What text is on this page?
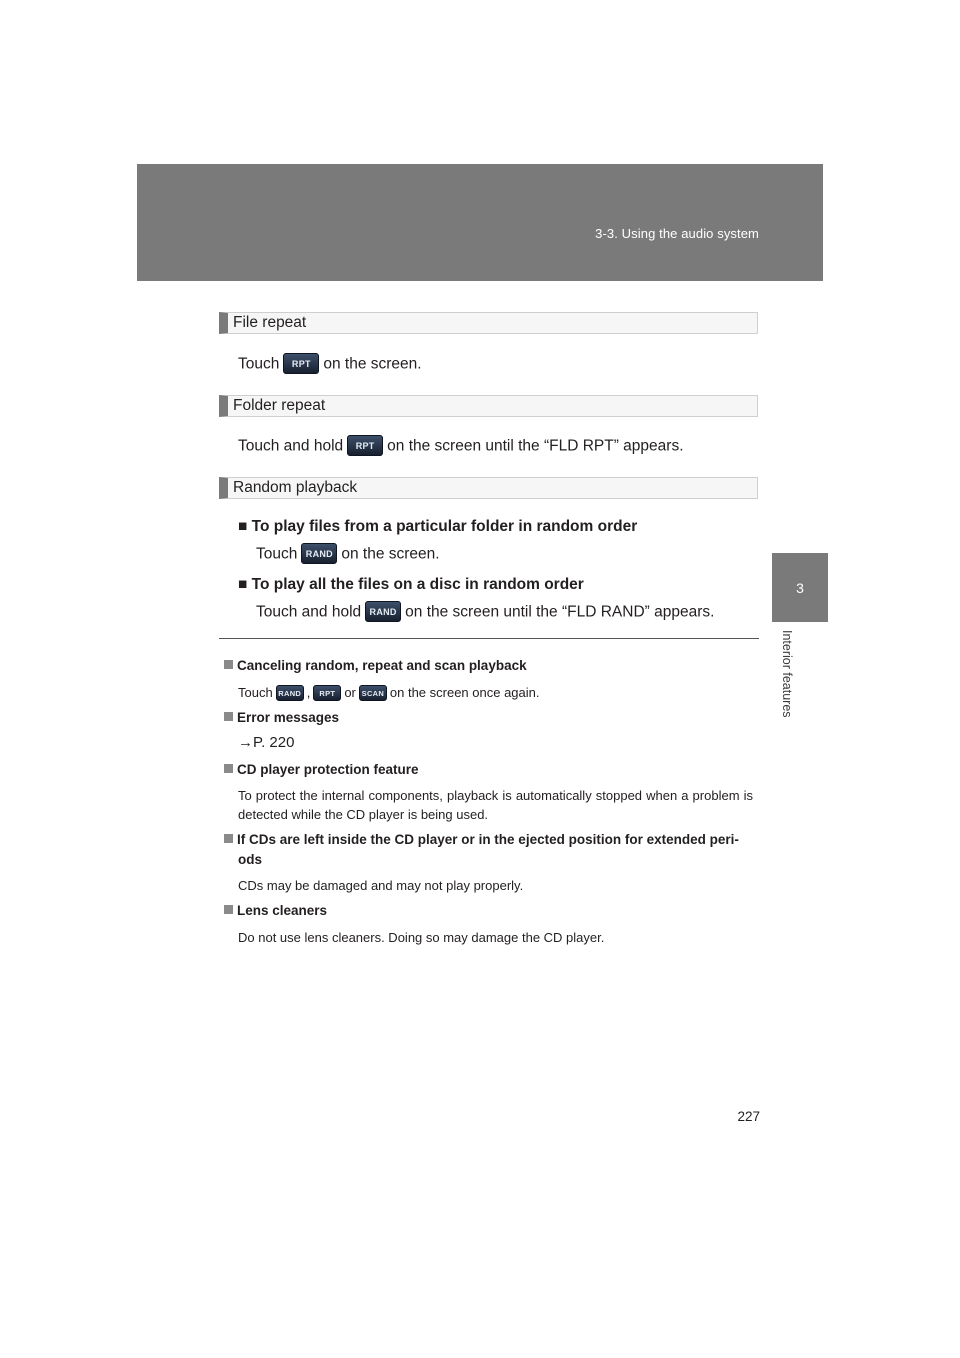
3-3. Using the audio system
3
Interior features
File repeat
Touch RPT on the screen.
Folder repeat
Touch and hold RPT on the screen until the “FLD RPT” appears.
Random playback
■ To play files from a particular folder in random order
Touch RAND on the screen.
■ To play all the files on a disc in random order
Touch and hold RAND on the screen until the “FLD RAND” appears.
Canceling random, repeat and scan playback
Touch RAND , RPT or SCAN on the screen once again.
Error messages
→P. 220
CD player protection feature
To protect the internal components, playback is automatically stopped when a problem is detected while the CD player is being used.
If CDs are left inside the CD player or in the ejected position for extended peri-
ods
CDs may be damaged and may not play properly.
Lens cleaners
Do not use lens cleaners. Doing so may damage the CD player.
227
